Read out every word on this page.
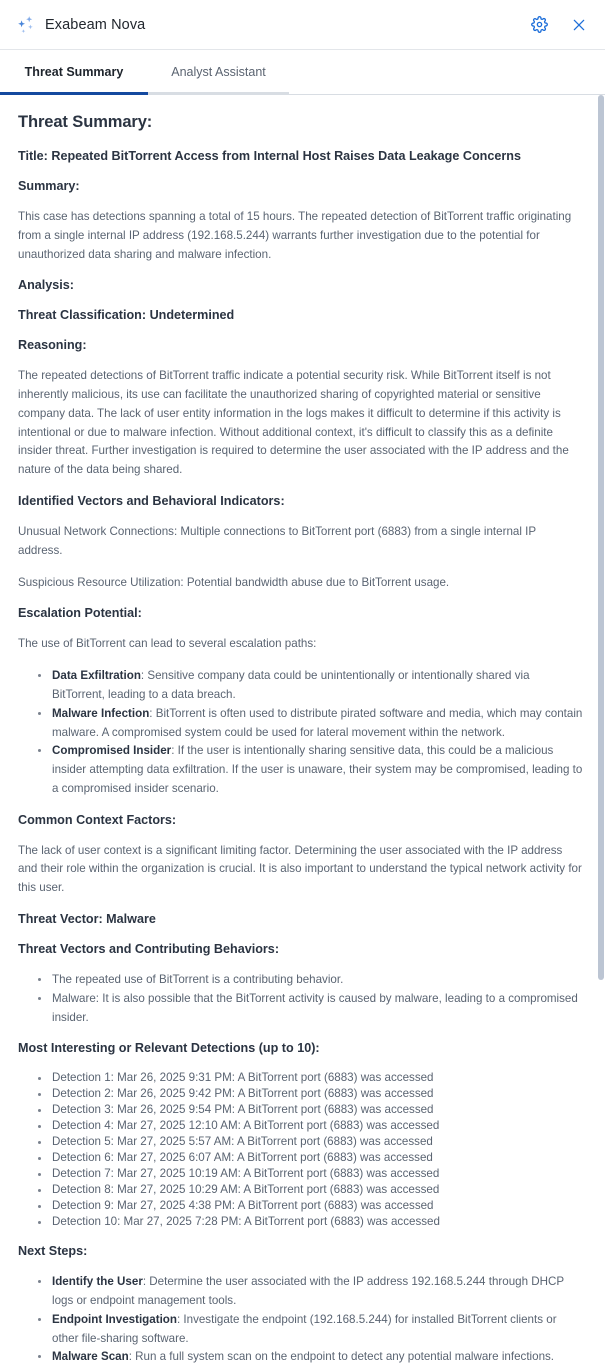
Exabeam Nova
Threat Summary	Analyst Assistant
Threat Summary:
Title: Repeated BitTorrent Access from Internal Host Raises Data Leakage Concerns
Summary:

This case has detections spanning a total of 15 hours. The repeated detection of BitTorrent traffic originating from a single internal IP address (192.168.5.244) warrants further investigation due to the potential for unauthorized data sharing and malware infection.

Analysis:
Threat Classification: Undetermined
Reasoning:

The repeated detections of BitTorrent traffic indicate a potential security risk. While BitTorrent itself is not inherently malicious, its use can facilitate the unauthorized sharing of copyrighted material or sensitive company data. The lack of user entity information in the logs makes it difficult to determine if this activity is intentional or due to malware infection. Without additional context, it's difficult to classify this as a definite insider threat. Further investigation is required to determine the user associated with the IP address and the nature of the data being shared.

Identified Vectors and Behavioral Indicators:

Unusual Network Connections: Multiple connections to BitTorrent port (6883) from a single internal IP address.

Suspicious Resource Utilization: Potential bandwidth abuse due to BitTorrent usage.

Escalation Potential:

The use of BitTorrent can lead to several escalation paths:

Data Exfiltration: Sensitive company data could be unintentionally or intentionally shared via BitTorrent, leading to a data breach.
Malware Infection: BitTorrent is often used to distribute pirated software and media, which may contain malware. A compromised system could be used for lateral movement within the network.
Compromised Insider: If the user is intentionally sharing sensitive data, this could be a malicious insider attempting data exfiltration. If the user is unaware, their system may be compromised, leading to a compromised insider scenario.
Common Context Factors:

The lack of user context is a significant limiting factor. Determining the user associated with the IP address and their role within the organization is crucial. It is also important to understand the typical network activity for this user.

Threat Vector: Malware
Threat Vectors and Contributing Behaviors:
The repeated use of BitTorrent is a contributing behavior.
Malware: It is also possible that the BitTorrent activity is caused by malware, leading to a compromised insider.
Most Interesting or Relevant Detections (up to 10):
Detection 1: Mar 26, 2025 9:31 PM: A BitTorrent port (6883) was accessed
Detection 2: Mar 26, 2025 9:42 PM: A BitTorrent port (6883) was accessed
Detection 3: Mar 26, 2025 9:54 PM: A BitTorrent port (6883) was accessed
Detection 4: Mar 27, 2025 12:10 AM: A BitTorrent port (6883) was accessed
Detection 5: Mar 27, 2025 5:57 AM: A BitTorrent port (6883) was accessed
Detection 6: Mar 27, 2025 6:07 AM: A BitTorrent port (6883) was accessed
Detection 7: Mar 27, 2025 10:19 AM: A BitTorrent port (6883) was accessed
Detection 8: Mar 27, 2025 10:29 AM: A BitTorrent port (6883) was accessed
Detection 9: Mar 27, 2025 4:38 PM: A BitTorrent port (6883) was accessed
Detection 10: Mar 27, 2025 7:28 PM: A BitTorrent port (6883) was accessed
Next Steps:
Identify the User: Determine the user associated with the IP address 192.168.5.244 through DHCP logs or endpoint management tools.
Endpoint Investigation: Investigate the endpoint (192.168.5.244) for installed BitTorrent clients or other file-sharing software.
Malware Scan: Run a full system scan on the endpoint to detect any potential malware infections.
